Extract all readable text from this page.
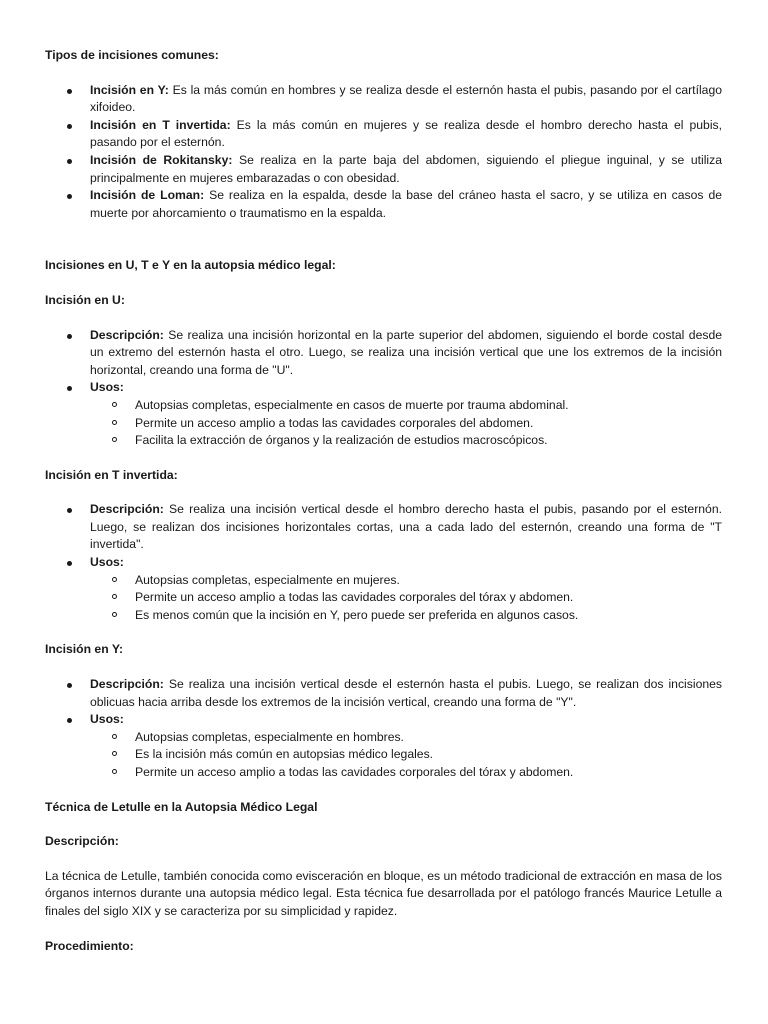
Tipos de incisiones comunes:

Incisión en Y: Es la más común en hombres y se realiza desde el esternón hasta el pubis, pasando por el cartílago xifoideo.
Incisión en T invertida: Es la más común en mujeres y se realiza desde el hombro derecho hasta el pubis, pasando por el esternón.
Incisión de Rokitansky: Se realiza en la parte baja del abdomen, siguiendo el pliegue inguinal, y se utiliza principalmente en mujeres embarazadas o con obesidad.
Incisión de Loman: Se realiza en la espalda, desde la base del cráneo hasta el sacro, y se utiliza en casos de muerte por ahorcamiento o traumatismo en la espalda.

Incisiones en U, T e Y en la autopsia médico legal:

Incisión en U:

Descripción: Se realiza una incisión horizontal en la parte superior del abdomen, siguiendo el borde costal desde un extremo del esternón hasta el otro. Luego, se realiza una incisión vertical que une los extremos de la incisión horizontal, creando una forma de "U".
Usos:
Autopsias completas, especialmente en casos de muerte por trauma abdominal.
Permite un acceso amplio a todas las cavidades corporales del abdomen.
Facilita la extracción de órganos y la realización de estudios macroscópicos.

Incisión en T invertida:

Descripción: Se realiza una incisión vertical desde el hombro derecho hasta el pubis, pasando por el esternón. Luego, se realizan dos incisiones horizontales cortas, una a cada lado del esternón, creando una forma de "T invertida".
Usos:
Autopsias completas, especialmente en mujeres.
Permite un acceso amplio a todas las cavidades corporales del tórax y abdomen.
Es menos común que la incisión en Y, pero puede ser preferida en algunos casos.

Incisión en Y:

Descripción: Se realiza una incisión vertical desde el esternón hasta el pubis. Luego, se realizan dos incisiones oblicuas hacia arriba desde los extremos de la incisión vertical, creando una forma de "Y".
Usos:
Autopsias completas, especialmente en hombres.
Es la incisión más común en autopsias médico legales.
Permite un acceso amplio a todas las cavidades corporales del tórax y abdomen.

Técnica de Letulle en la Autopsia Médico Legal

Descripción:

La técnica de Letulle, también conocida como evisceración en bloque, es un método tradicional de extracción en masa de los órganos internos durante una autopsia médico legal. Esta técnica fue desarrollada por el patólogo francés Maurice Letulle a finales del siglo XIX y se caracteriza por su simplicidad y rapidez.

Procedimiento:
